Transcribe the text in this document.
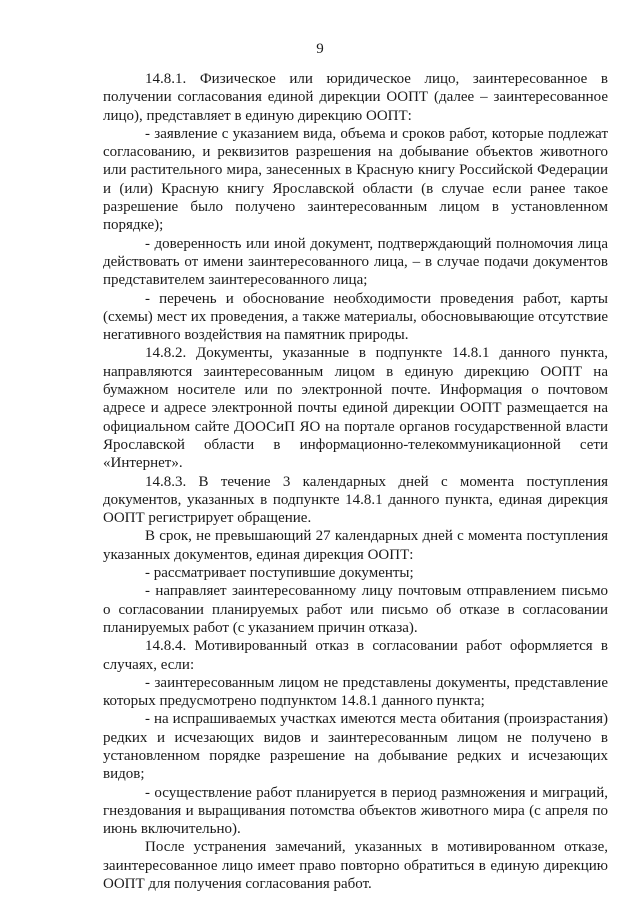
9

14.8.1. Физическое или юридическое лицо, заинтересованное в получении согласования единой дирекции ООПТ (далее – заинтересованное лицо), представляет в единую дирекцию ООПТ:

- заявление с указанием вида, объема и сроков работ, которые подлежат согласованию, и реквизитов разрешения на добывание объектов животного или растительного мира, занесенных в Красную книгу Российской Федерации и (или) Красную книгу Ярославской области (в случае если ранее такое разрешение было получено заинтересованным лицом в установленном порядке);

- доверенность или иной документ, подтверждающий полномочия лица действовать от имени заинтересованного лица, – в случае подачи документов представителем заинтересованного лица;

- перечень и обоснование необходимости проведения работ, карты (схемы) мест их проведения, а также материалы, обосновывающие отсутствие негативного воздействия на памятник природы.

14.8.2. Документы, указанные в подпункте 14.8.1 данного пункта, направляются заинтересованным лицом в единую дирекцию ООПТ на бумажном носителе или по электронной почте. Информация о почтовом адресе и адресе электронной почты единой дирекции ООПТ размещается на официальном сайте ДООСиП ЯО на портале органов государственной власти Ярославской области в информационно-телекоммуникационной сети «Интернет».

14.8.3. В течение 3 календарных дней с момента поступления документов, указанных в подпункте 14.8.1 данного пункта, единая дирекция ООПТ регистрирует обращение.

В срок, не превышающий 27 календарных дней с момента поступления указанных документов, единая дирекция ООПТ:

- рассматривает поступившие документы;

- направляет заинтересованному лицу почтовым отправлением письмо о согласовании планируемых работ или письмо об отказе в согласовании планируемых работ (с указанием причин отказа).

14.8.4. Мотивированный отказ в согласовании работ оформляется в случаях, если:

- заинтересованным лицом не представлены документы, представление которых предусмотрено подпунктом 14.8.1 данного пункта;

- на испрашиваемых участках имеются места обитания (произрастания) редких и исчезающих видов и заинтересованным лицом не получено в установленном порядке разрешение на добывание редких и исчезающих видов;

- осуществление работ планируется в период размножения и миграций, гнездования и выращивания потомства объектов животного мира (с апреля по июнь включительно).

После устранения замечаний, указанных в мотивированном отказе, заинтересованное лицо имеет право повторно обратиться в единую дирекцию ООПТ для получения согласования работ.
